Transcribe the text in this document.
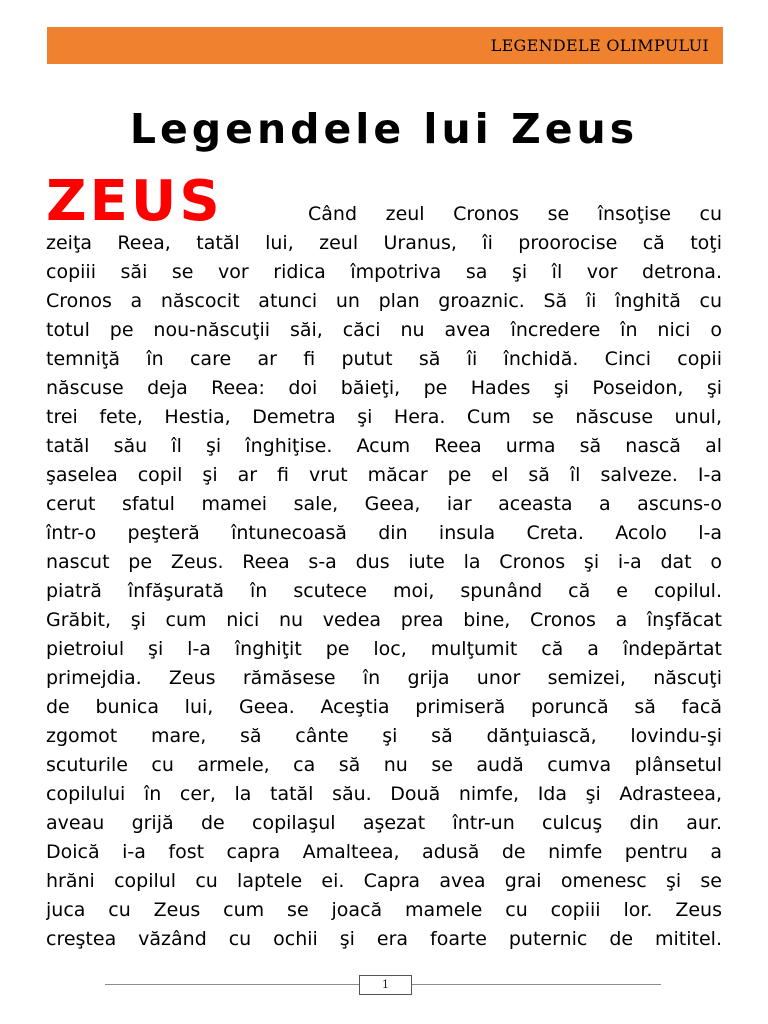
LEGENDELE OLIMPULUI
Legendele lui Zeus
ZEUS	Când zeul Cronos se însoţise cu
zeiţa Reea, tatăl lui, zeul Uranus, îi proorocise că toţi
copiii săi se vor ridica împotriva sa şi îl vor detrona.
Cronos a născocit atunci un plan groaznic. Să îi înghită cu
totul pe nou-născuţii săi, căci nu avea încredere în nici o
temniţă în care ar fi putut să îi închidă. Cinci copii
născuse deja Reea: doi băieţi, pe Hades şi Poseidon, şi
trei fete, Hestia, Demetra şi Hera. Cum se născuse unul,
tatăl său îl şi înghiţise. Acum Reea urma să nască al
şaselea copil şi ar fi vrut măcar pe el să îl salveze. I-a
cerut sfatul mamei sale, Geea, iar aceasta a ascuns-o
într-o peşteră întunecoasă din insula Creta. Acolo l-a
nascut pe Zeus. Reea s-a dus iute la Cronos şi i-a dat o
piatră înfăşurată în scutece moi, spunând că e copilul.
Grăbit, şi cum nici nu vedea prea bine, Cronos a înşfăcat
pietroiul şi l-a înghiţit pe loc, mulţumit că a îndepărtat
primejdia. Zeus rămăsese în grija unor semizei, născuţi
de bunica lui, Geea. Aceştia primiseră poruncă să facă
zgomot mare, să cânte şi să dănţuiască, lovindu-şi
scuturile cu armele, ca să nu se audă cumva plânsetul
copilului în cer, la tatăl său. Două nimfe, Ida şi Adrasteea,
aveau grijă de copilaşul aşezat într-un culcuş din aur.
Doică i-a fost capra Amalteea, adusă de nimfe pentru a
hrăni copilul cu laptele ei. Capra avea grai omenesc şi se
juca cu Zeus cum se joacă mamele cu copiii lor. Zeus
creştea văzând cu ochii şi era foarte puternic de mititel.
1
